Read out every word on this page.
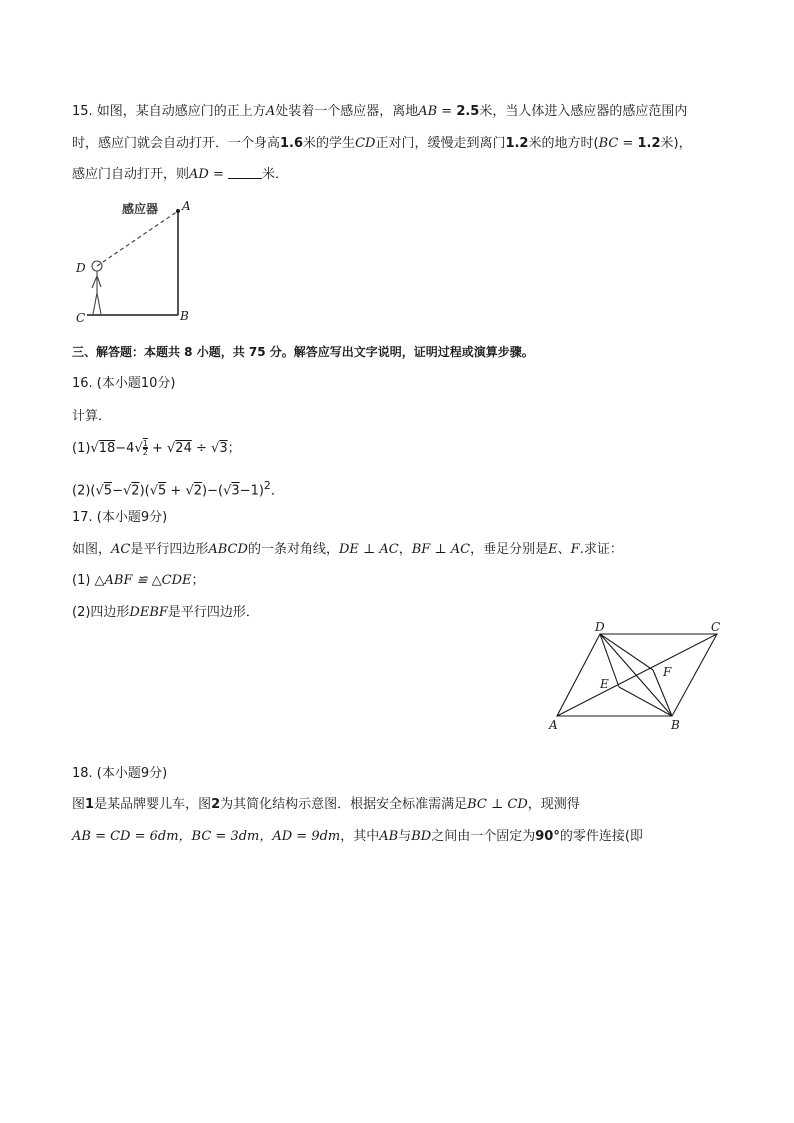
15. 如图，某自动感应门的正上方A处装着一个感应器，离地AB = 2.5米，当人体进入感应器的感应范围内
时，感应门就会自动打开．一个身高1.6米的学生CD正对门，缓慢走到离门1.2米的地方时(BC = 1.2米)，
感应门自动打开，则AD =	米．
感应器 A
B
C
D
三、解答题：本题共 8 小题，共 75 分。解答应写出文字说明，证明过程或演算步骤。
16. (本小题10分)
计算．
$(1)√18-4√ \frac{1}{2} + √24 \div √3$；
$(2)(√5-√2)(√5 + √2)-(√3-1)^2$．
17. (本小题9分)
如图，AC是平行四边形ABCD的一条对角线，DE ⊥ AC，BF ⊥ AC，垂足分别是E、F.求证：
(1) △ABF ≌ △CDE；
(2)四边形DEBF是平行四边形．
A	B
C
D
E
F
18. (本小题9分)
图1是某品牌婴儿车，图2为其简化结构示意图．根据安全标准需满足BC ⊥ CD，现测得
AB = CD = 6dm，BC = 3dm，AD = 9dm，其中AB与BD之间由一个固定为90°的零件连接(即
